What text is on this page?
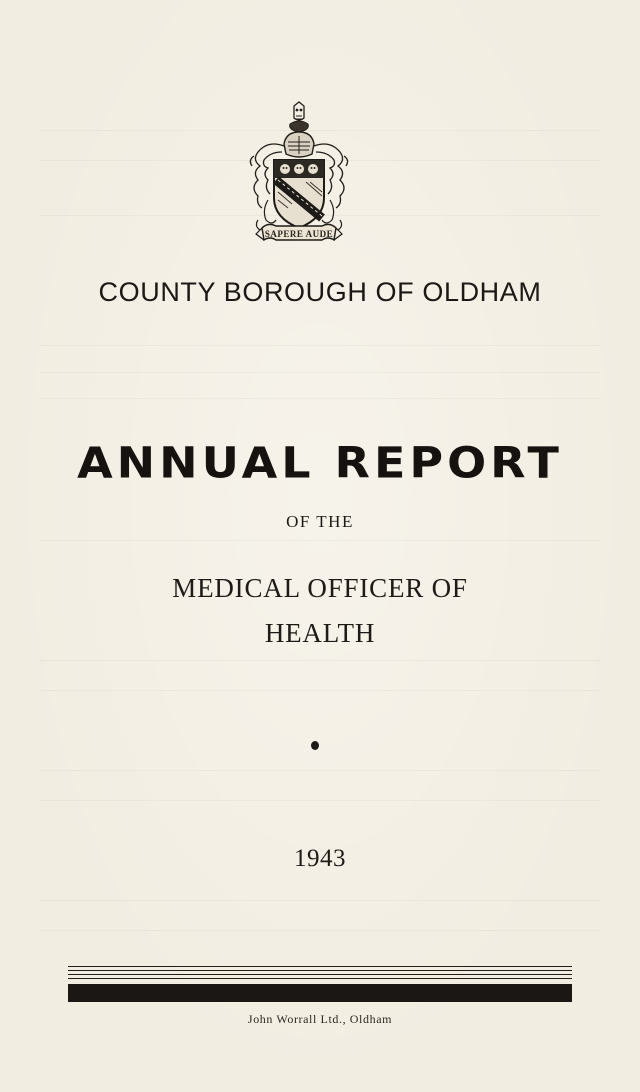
SAPERE AUDE
COUNTY BOROUGH OF OLDHAM
ANNUAL REPORT
OF THE
MEDICAL OFFICER OF
HEALTH
1943
John Worrall Ltd., Oldham
